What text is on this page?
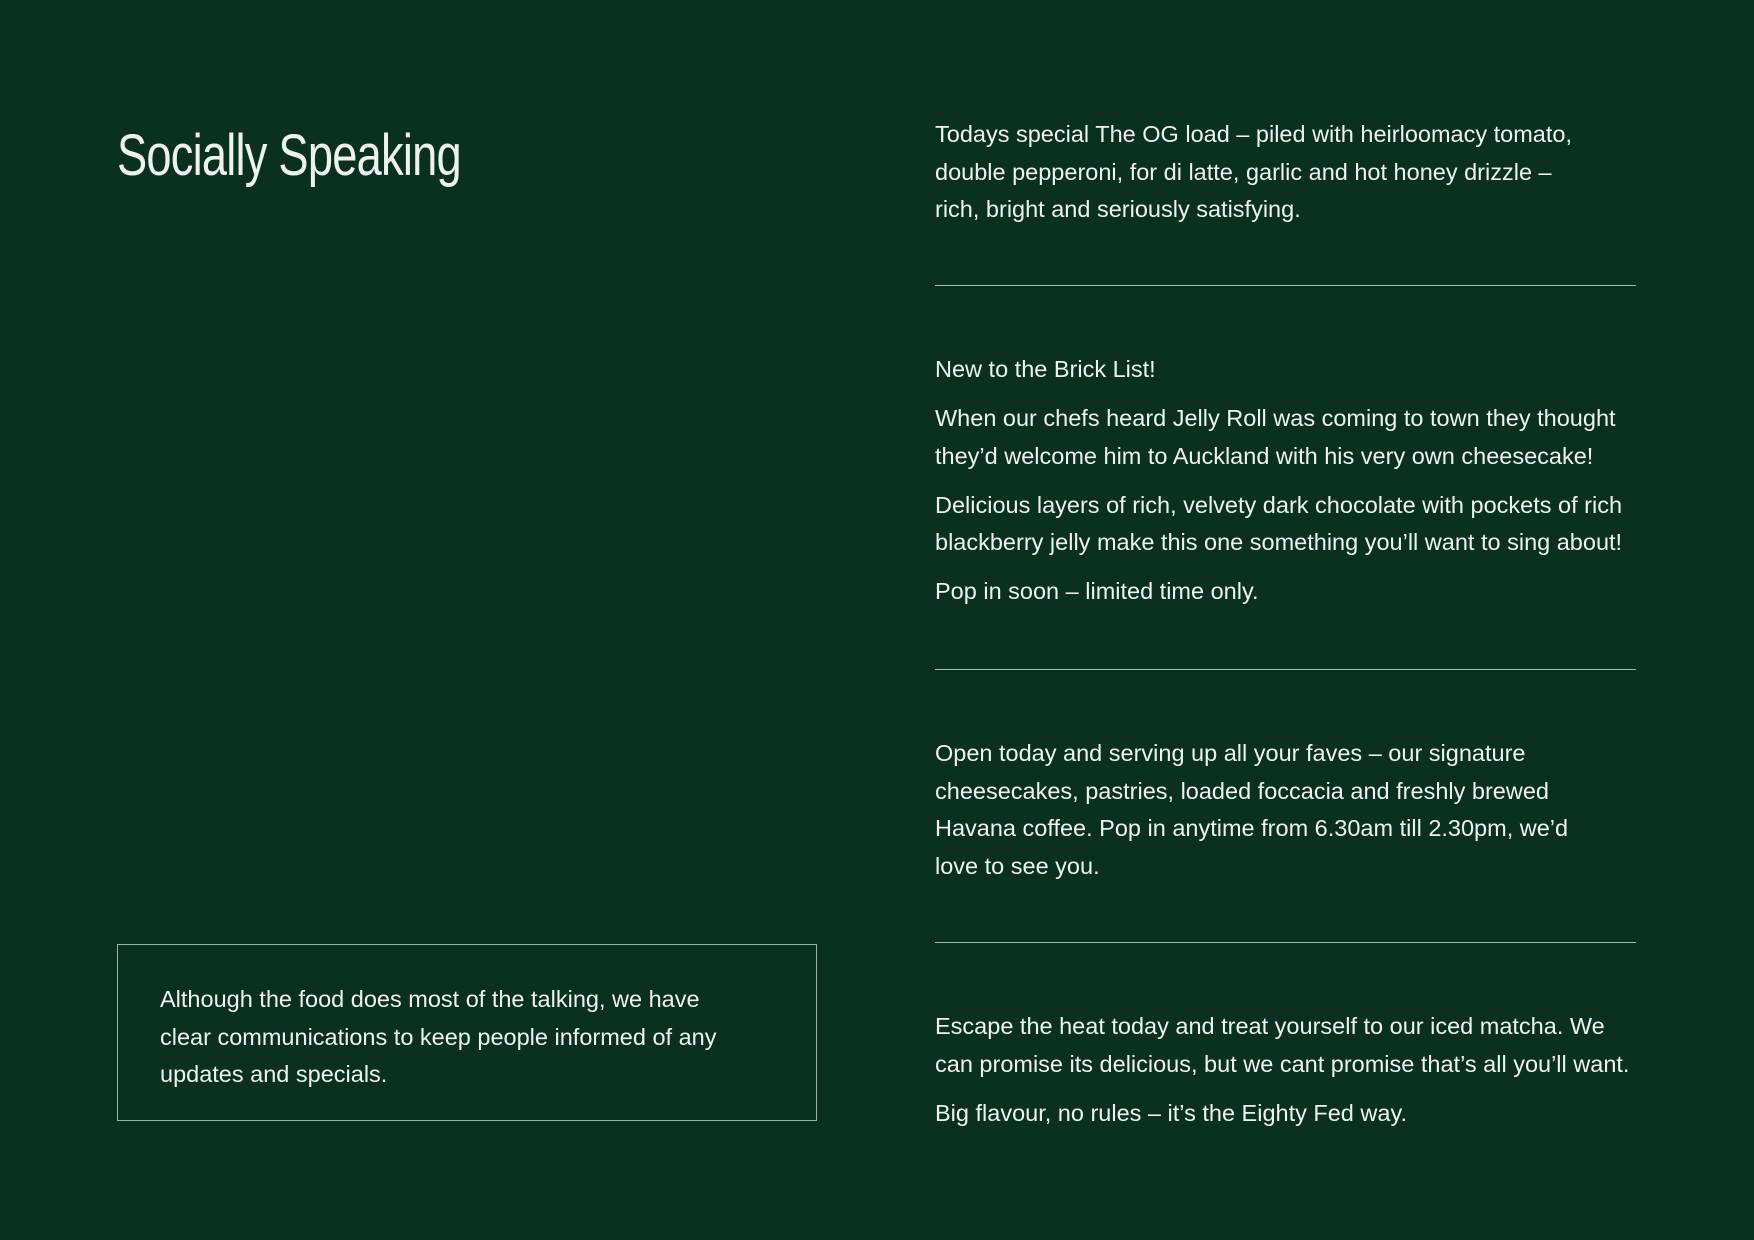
Socially Speaking

Although the food does most of the talking, we have clear communications to keep people informed of any updates and specials.

Todays special The OG load – piled with heirloomacy tomato, double pepperoni, for di latte, garlic and hot honey drizzle – rich, bright and seriously satisfying.

New to the Brick List!

When our chefs heard Jelly Roll was coming to town they thought they’d welcome him to Auckland with his very own cheesecake!

Delicious layers of rich, velvety dark chocolate with pockets of rich blackberry jelly make this one something you’ll want to sing about!

Pop in soon – limited time only.

Open today and serving up all your faves – our signature cheesecakes, pastries, loaded foccacia and freshly brewed Havana coffee. Pop in anytime from 6.30am till 2.30pm, we’d love to see you.

Escape the heat today and treat yourself to our iced matcha. We can promise its delicious, but we cant promise that’s all you’ll want.

Big flavour, no rules – it’s the Eighty Fed way.
